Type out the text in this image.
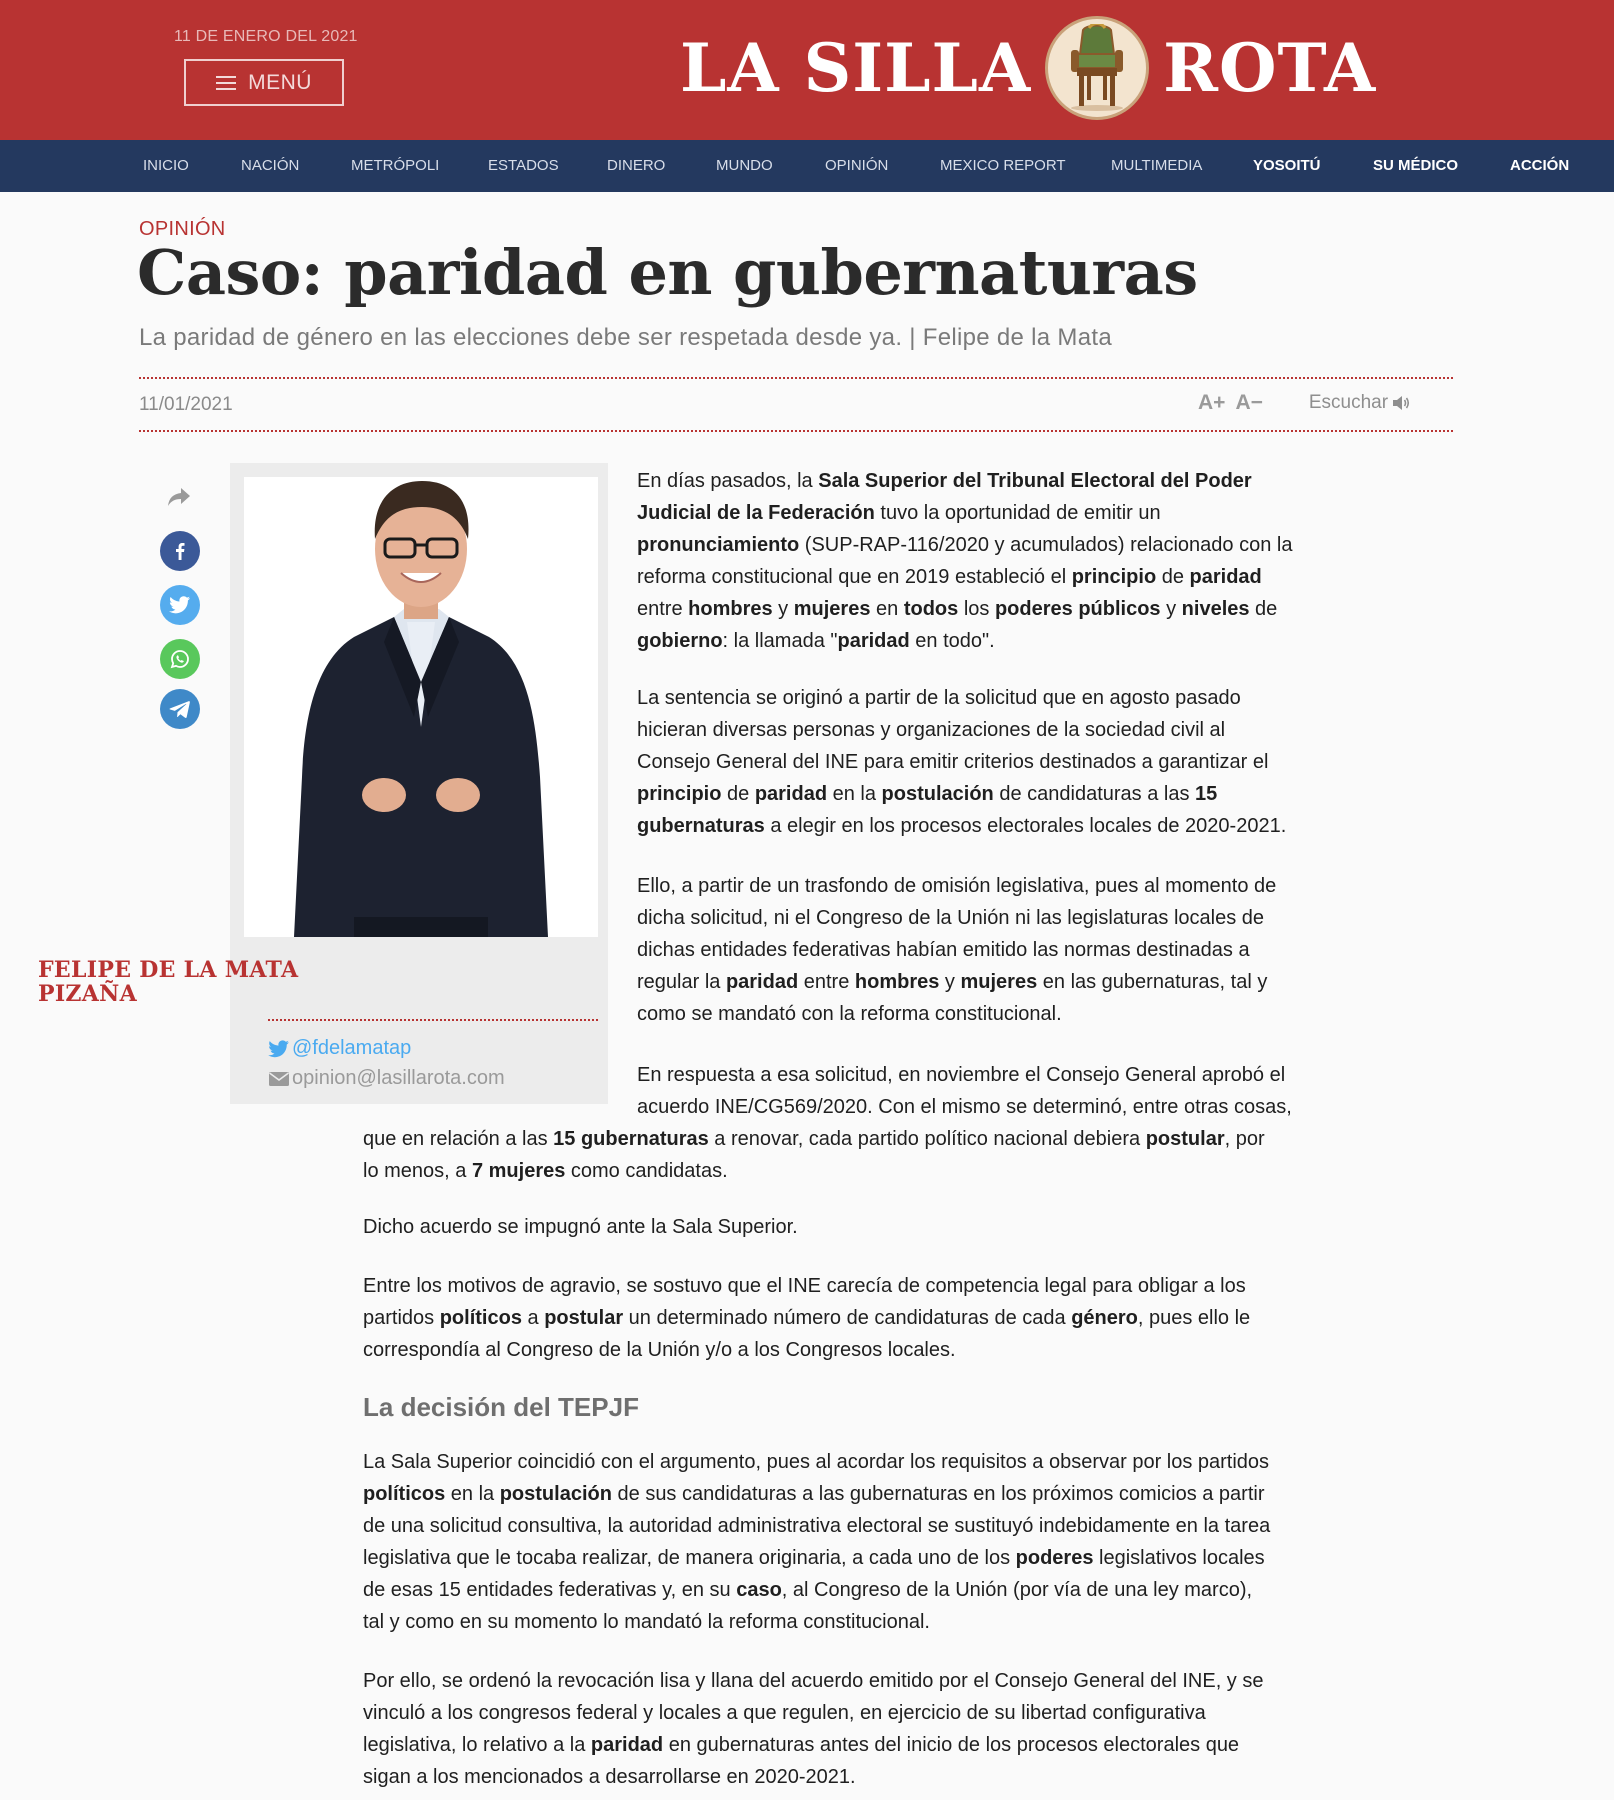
11 DE ENERO DEL 2021
MENÚ	LA SILLA ROTA
INICIO	NACIÓN	METRÓPOLI	ESTADOS	DINERO	MUNDO	OPINIÓN	MEXICO REPORT	MULTIMEDIA	YOSOITÚ	SU MÉDICO	ACCIÓN
OPINIÓN
Caso: paridad en gubernaturas
La paridad de género en las elecciones debe ser respetada desde ya. | Felipe de la Mata
11/01/2021	A+ A− Escuchar
FELIPE DE LA MATA
PIZAÑA
@fdelamatap
opinion@lasillarota.com
En días pasados, la Sala Superior del Tribunal Electoral del Poder
Judicial de la Federación tuvo la oportunidad de emitir un
pronunciamiento (SUP-RAP-116/2020 y acumulados) relacionado con la
reforma constitucional que en 2019 estableció el principio de paridad
entre hombres y mujeres en todos los poderes públicos y niveles de
gobierno: la llamada "paridad en todo".
La sentencia se originó a partir de la solicitud que en agosto pasado
hicieran diversas personas y organizaciones de la sociedad civil al
Consejo General del INE para emitir criterios destinados a garantizar el
principio de paridad en la postulación de candidaturas a las 15
gubernaturas a elegir en los procesos electorales locales de 2020-2021.
Ello, a partir de un trasfondo de omisión legislativa, pues al momento de
dicha solicitud, ni el Congreso de la Unión ni las legislaturas locales de
dichas entidades federativas habían emitido las normas destinadas a
regular la paridad entre hombres y mujeres en las gubernaturas, tal y
como se mandató con la reforma constitucional.
En respuesta a esa solicitud, en noviembre el Consejo General aprobó el
acuerdo INE/CG569/2020. Con el mismo se determinó, entre otras cosas,
que en relación a las 15 gubernaturas a renovar, cada partido político nacional debiera postular, por
lo menos, a 7 mujeres como candidatas.
Dicho acuerdo se impugnó ante la Sala Superior.
Entre los motivos de agravio, se sostuvo que el INE carecía de competencia legal para obligar a los
partidos políticos a postular un determinado número de candidaturas de cada género, pues ello le
correspondía al Congreso de la Unión y/o a los Congresos locales.
La decisión del TEPJF
La Sala Superior coincidió con el argumento, pues al acordar los requisitos a observar por los partidos
políticos en la postulación de sus candidaturas a las gubernaturas en los próximos comicios a partir
de una solicitud consultiva, la autoridad administrativa electoral se sustituyó indebidamente en la tarea
legislativa que le tocaba realizar, de manera originaria, a cada uno de los poderes legislativos locales
de esas 15 entidades federativas y, en su caso, al Congreso de la Unión (por vía de una ley marco),
tal y como en su momento lo mandató la reforma constitucional.
Por ello, se ordenó la revocación lisa y llana del acuerdo emitido por el Consejo General del INE, y se
vinculó a los congresos federal y locales a que regulen, en ejercicio de su libertad configurativa
legislativa, lo relativo a la paridad en gubernaturas antes del inicio de los procesos electorales que
sigan a los mencionados a desarrollarse en 2020-2021.
